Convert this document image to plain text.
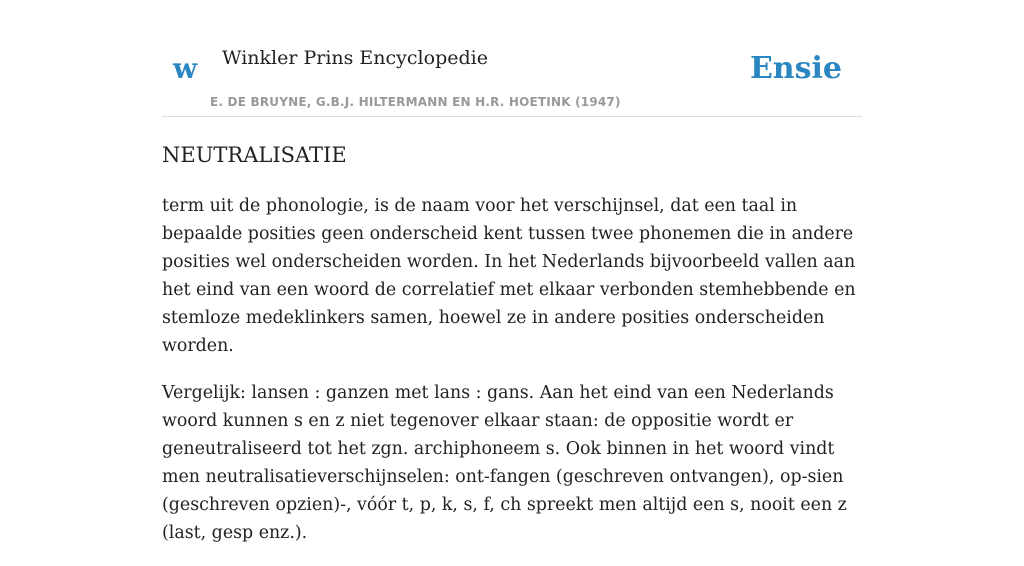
w Winkler Prins Encyclopedie
E. DE BRUYNE, G.B.J. HILTERMANN EN H.R. HOETINK (1947)
Ensie
NEUTRALISATIE

term uit de phonologie, is de naam voor het verschijnsel, dat een taal in bepaalde posities geen onderscheid kent tussen twee phonemen die in andere posities wel onderscheiden worden. In het Nederlands bijvoorbeeld vallen aan het eind van een woord de correlatief met elkaar verbonden stemhebbende en stemloze medeklinkers samen, hoewel ze in andere posities onderscheiden worden.

Vergelijk: lansen : ganzen met lans : gans. Aan het eind van een Nederlands woord kunnen s en z niet tegenover elkaar staan: de oppositie wordt er geneutraliseerd tot het zgn. archiphoneem s. Ook binnen in het woord vindt men neutralisatieverschijnselen: ont-fangen (geschreven ontvangen), op-sien (geschreven opzien)-, vóór t, p, k, s, f, ch spreekt men altijd een s, nooit een z (last, gesp enz.).
